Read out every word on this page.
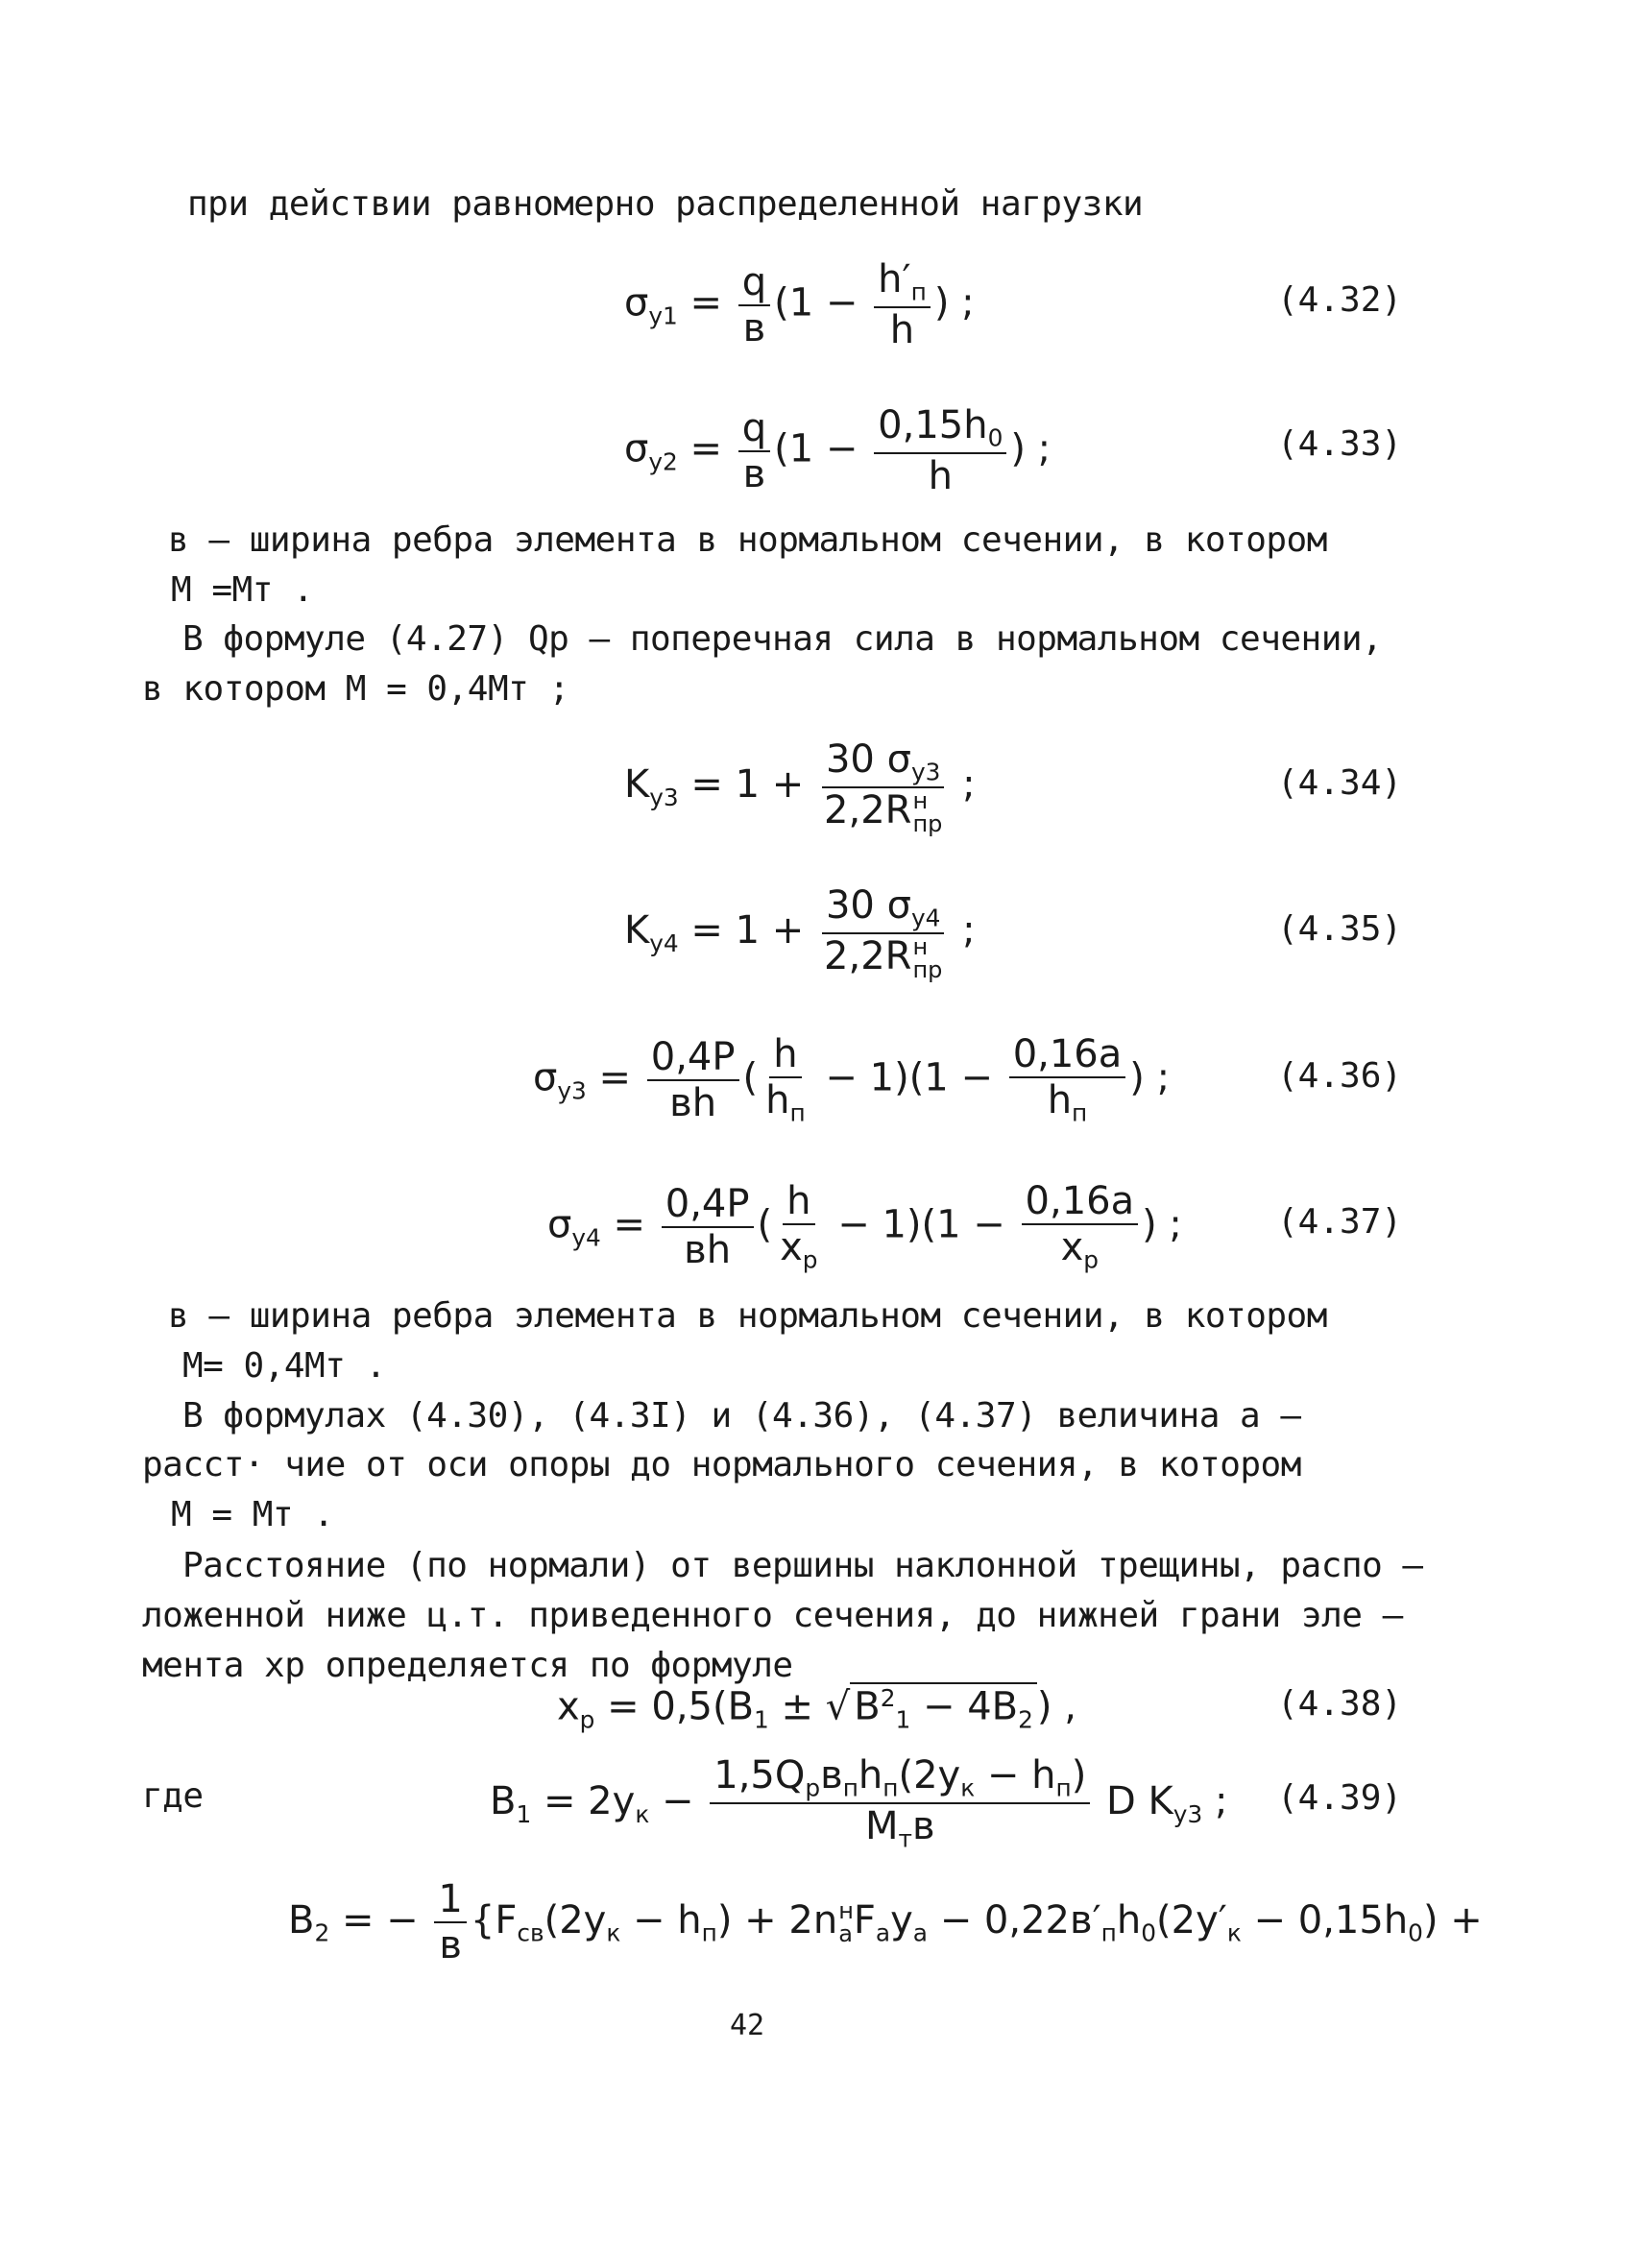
при действии равномерно распределенной нагрузки
$\sigma_{y1} = \frac{q}{в} (1 - \frac{h'_п}{h}$ ) ;	(4.32)
$\sigma_{y2} = \frac{q}{в} (1 - \frac{0,15h_0}{h}$ ) ;	(4.33)
в – ширина ребра элемента в нормальном сечении, в котором
M =Mт .
В формуле (4.27) Qр – поперечная сила в нормальном сечении,
в котором M = 0,4Mт ;
$K_{y3} = 1 + 30$ $\sigma_{y3}$
2,2R н
пр ;	(4.34)
$K_{y4} = 1 + 30$ $\sigma_{y4}$
2,2R н
пр ;	(4.35)
$\sigma_{y3} = \frac{0,4P}{вh}$ ( $\frac{h}{h_п} - 1)(1 - \frac{0,16a}{h_п}$ ) ;	(4.36)
$\sigma_{y4} = \frac{0,4P}{вh}$ ( $\frac{h}{x_p} - 1)(1 - \frac{0,16a}{x_p}$ ) ;	(4.37)
в – ширина ребра элемента в нормальном сечении, в котором
M= 0,4Mт .
В формулах (4.30), (4.3I) и (4.36), (4.37) величина a –
расст· чие от оси опоры до нормального сечения, в котором
M = Mт .
Расстояние (по нормали) от вершины наклонной трещины, распо –
ложенной ниже ц.т. приведенного сечения, до нижней грани эле –
мента xр определяется по формуле
$x_p = 0,5(B_1$ ± √ $B^2_1 - 4B_2$ ) ,	(4.38)
где	$B_1 = 2y_к - \frac{1,5Q_pв_пh_п(2y_к - h_п)}{M_тв}$ D $K_{y3}$ ; (4.39)
$B_2$ = − $\frac{1}{в} \{F_{cв}(2y_к - h_п) + 2n$ н
a $F_ay_a - 0,22в'_пh_0(2y'_к - 0,15h_0)$ +
42
